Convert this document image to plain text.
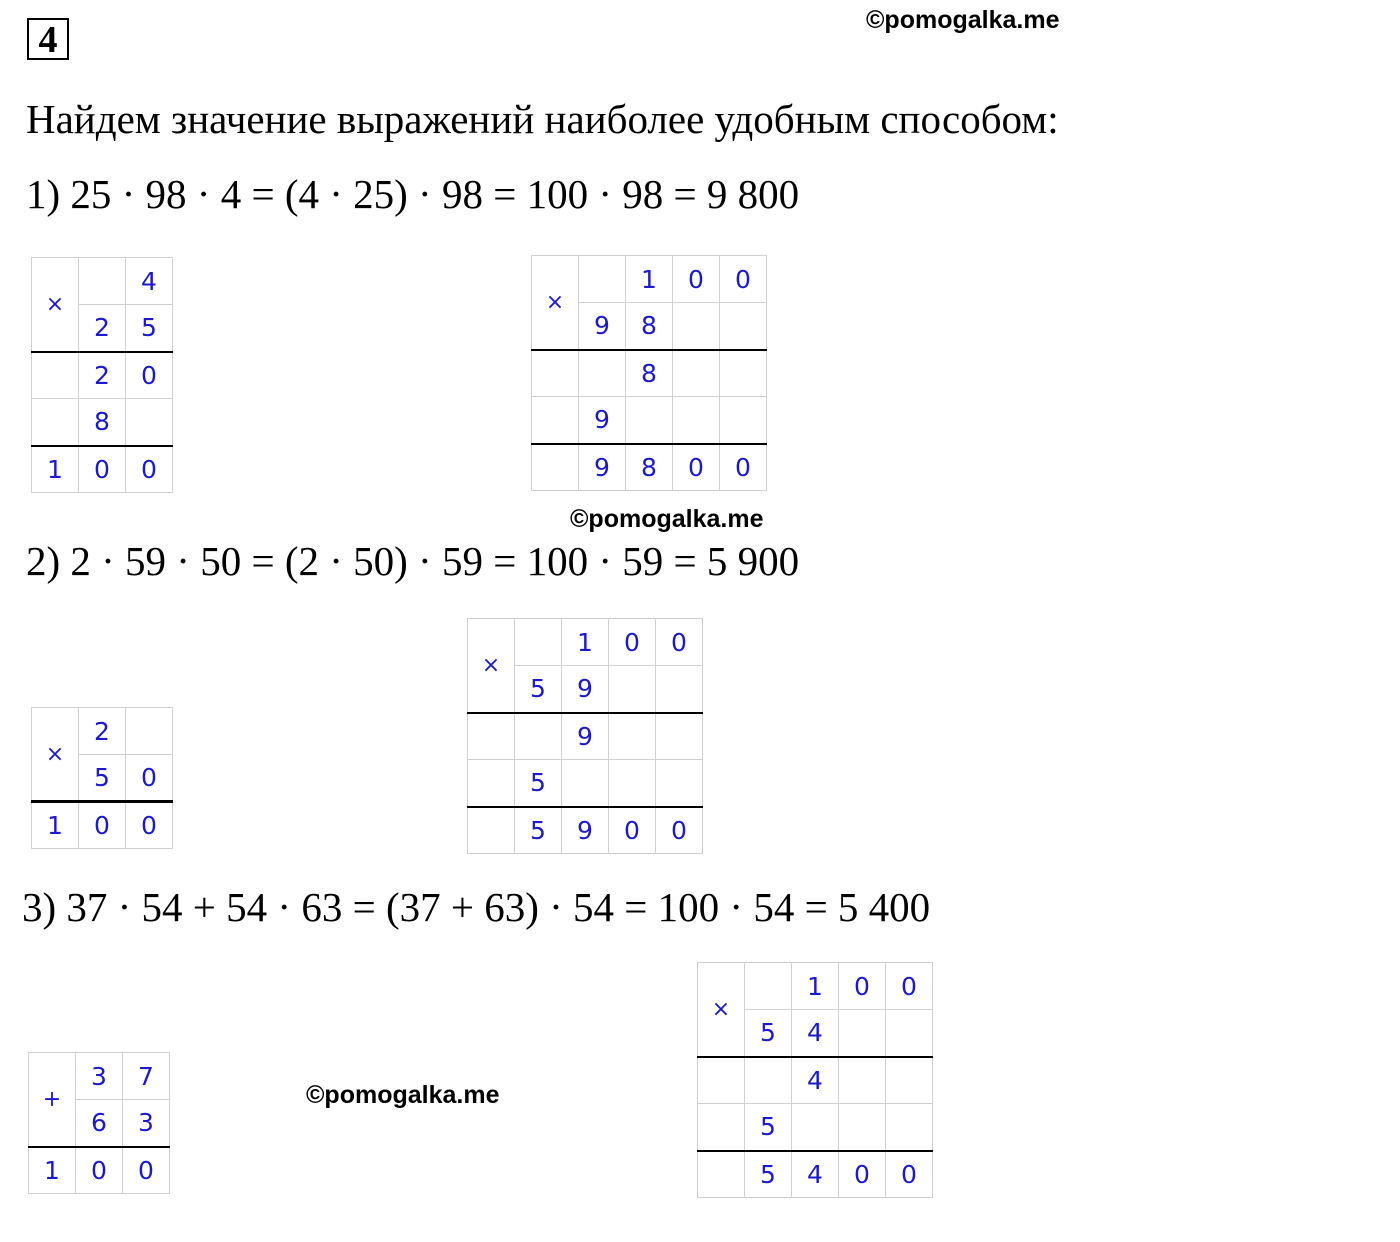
4	©pomogalka.me
Найдем значение выражений наиболее удобным способом:
1) 25 · 98 · 4 = (4 · 25) · 98 = 100 · 98 = 9 800
×		4
	2	5
	2	0
	8	
1	0	0
×		1	0	0
	9	8		
		8		
	9			
	9	8	0	0
©pomogalka.me
2) 2 · 59 · 50 = (2 · 50) · 59 = 100 · 59 = 5 900
×	2	
	5	0
1	0	0
×		1	0	0
	5	9		
		9		
	5			
	5	9	0	0
3) 37 · 54 + 54 · 63 = (37 + 63) · 54 = 100 · 54 = 5 400
+	3	7
	6	3
1	0	0
©pomogalka.me
×		1	0	0
	5	4		
		4		
	5			
	5	4	0	0
